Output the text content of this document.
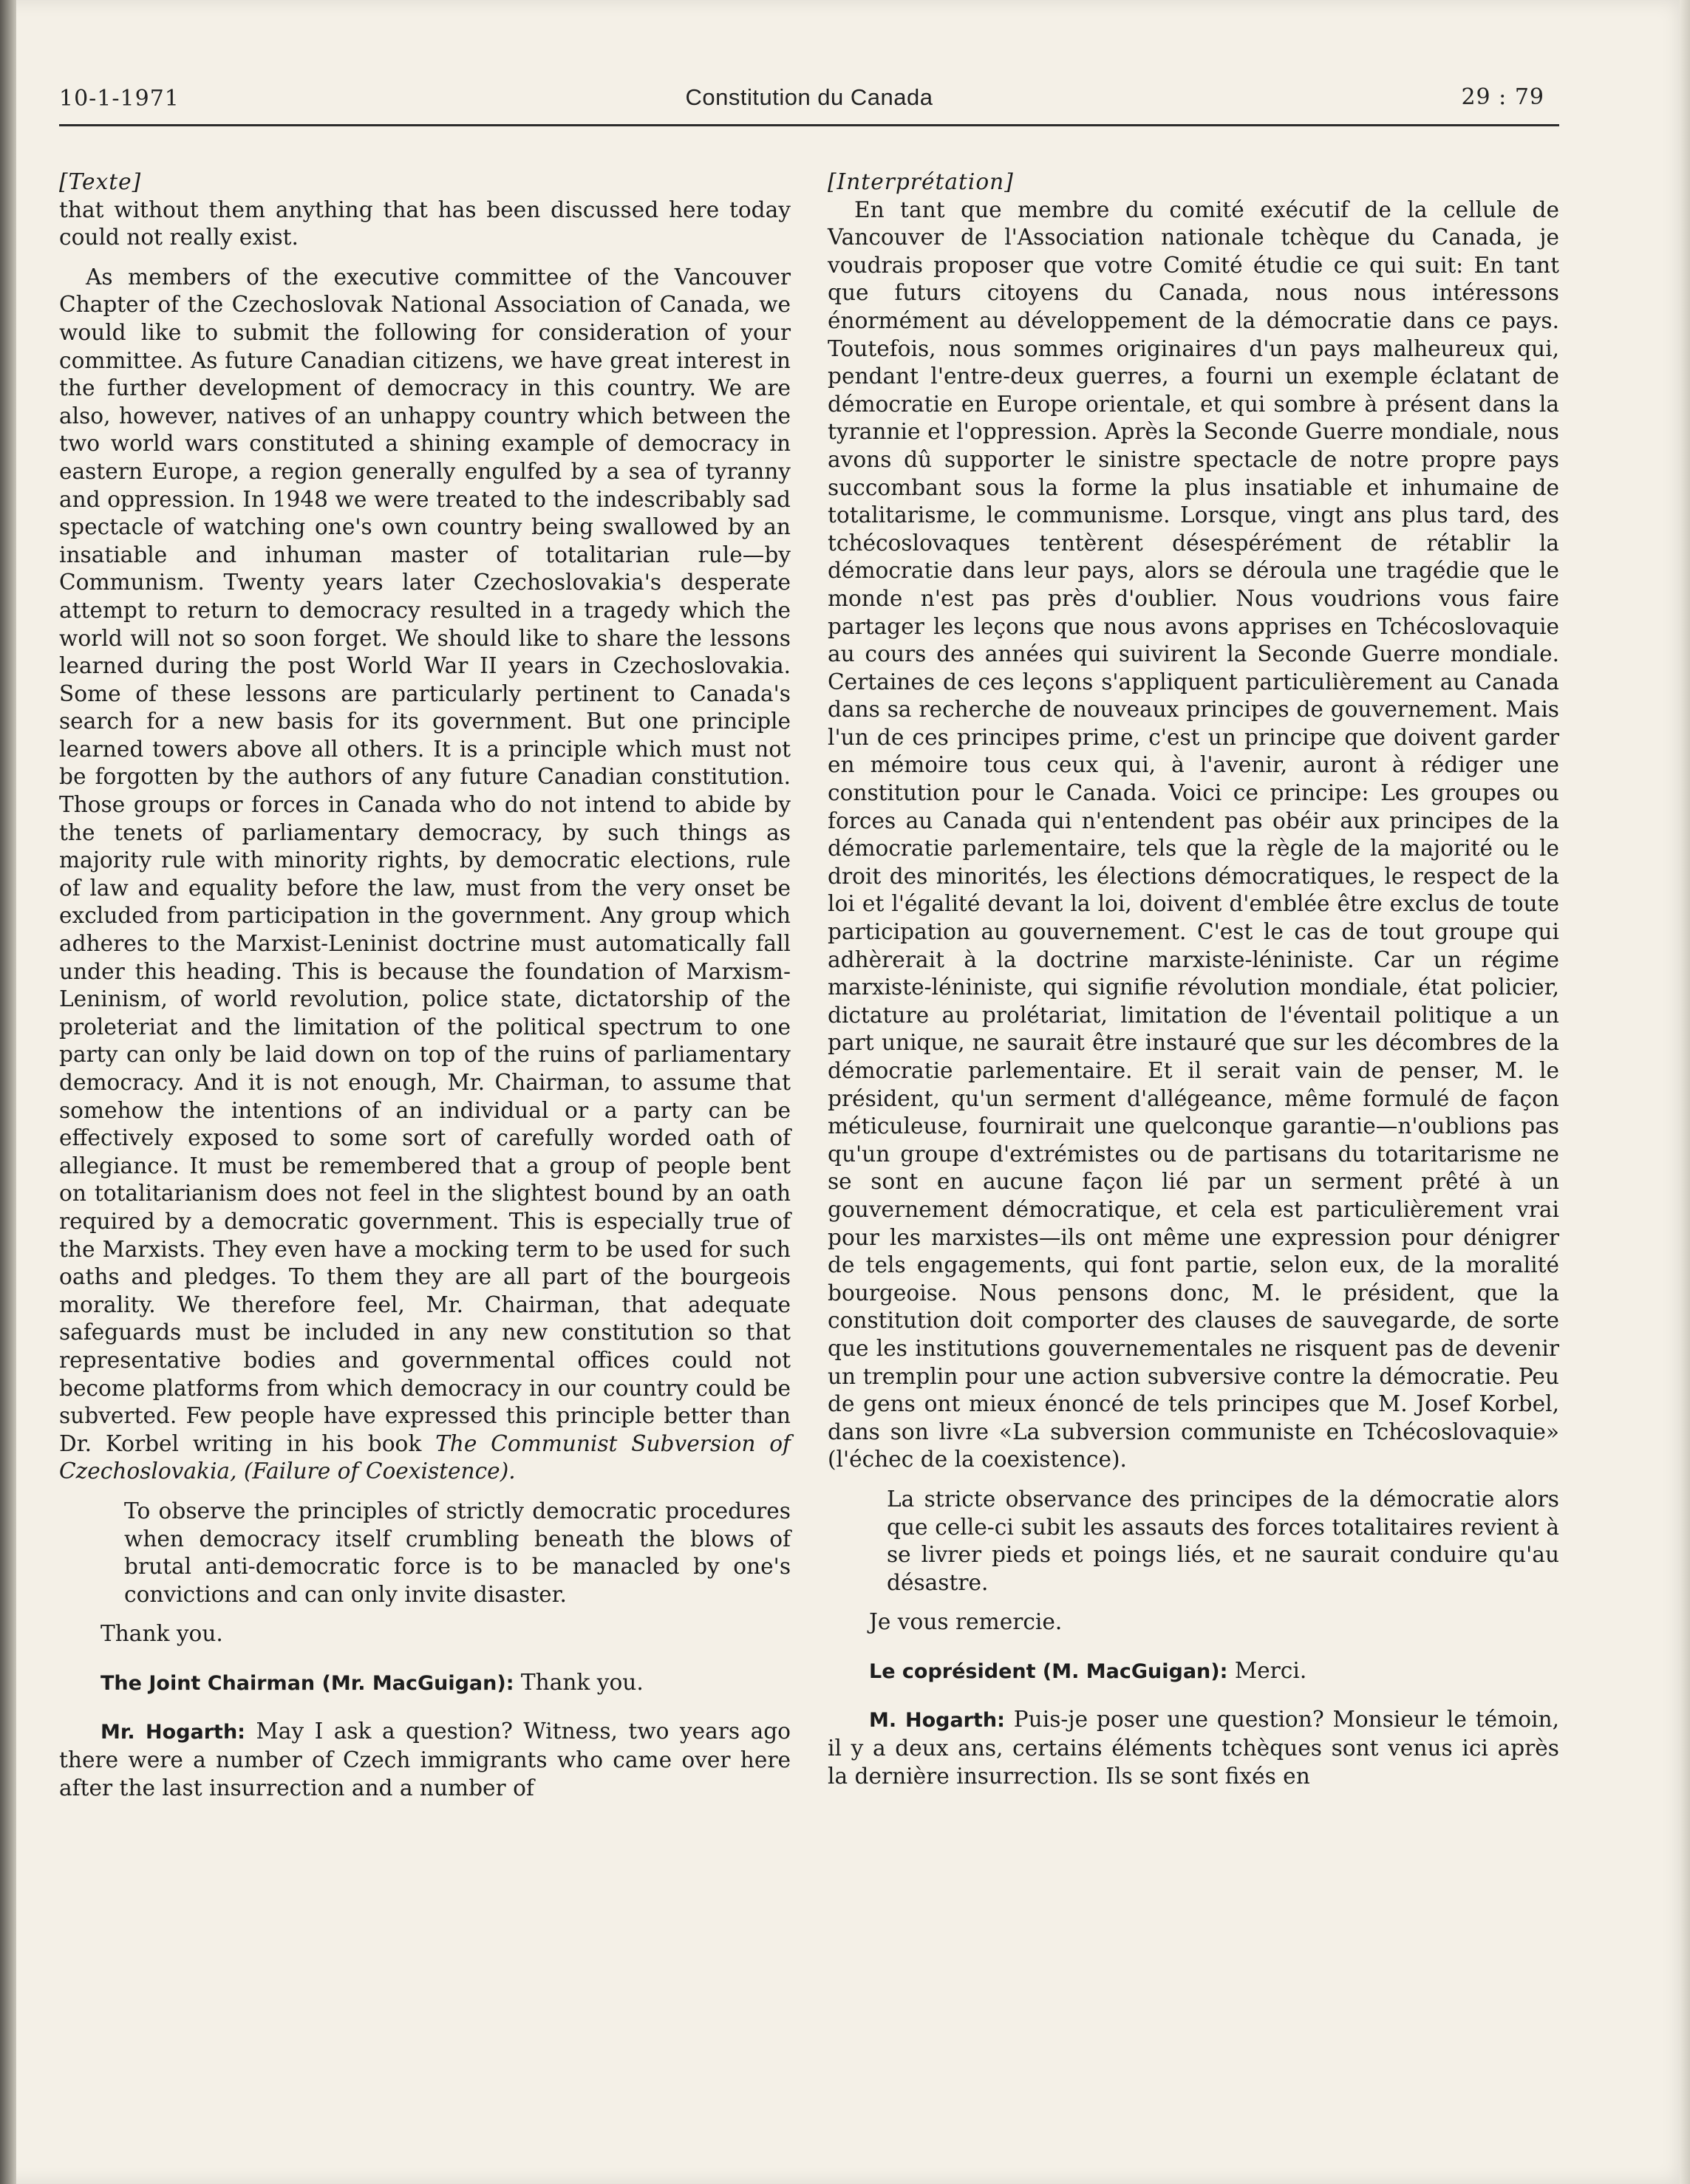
10-1-1971	Constitution du Canada	29 : 79

[Texte]

that without them anything that has been discussed here today could not really exist.

As members of the executive committee of the Vancouver Chapter of the Czechoslovak National Association of Canada, we would like to submit the following for consideration of your committee. As future Canadian citizens, we have great interest in the further development of democracy in this country. We are also, however, natives of an unhappy country which between the two world wars constituted a shining example of democracy in eastern Europe, a region generally engulfed by a sea of tyranny and oppression. In 1948 we were treated to the indescribably sad spectacle of watching one's own country being swallowed by an insatiable and inhuman master of totalitarian rule—by Communism. Twenty years later Czechoslovakia's desperate attempt to return to democracy resulted in a tragedy which the world will not so soon forget. We should like to share the lessons learned during the post World War II years in Czechoslovakia. Some of these lessons are particularly pertinent to Canada's search for a new basis for its government. But one principle learned towers above all others. It is a principle which must not be forgotten by the authors of any future Canadian constitution. Those groups or forces in Canada who do not intend to abide by the tenets of parliamentary democracy, by such things as majority rule with minority rights, by democratic elections, rule of law and equality before the law, must from the very onset be excluded from participation in the government. Any group which adheres to the Marxist-Leninist doctrine must automatically fall under this heading. This is because the foundation of Marxism-Leninism, of world revolution, police state, dictatorship of the proleteriat and the limitation of the political spectrum to one party can only be laid down on top of the ruins of parliamentary democracy. And it is not enough, Mr. Chairman, to assume that somehow the intentions of an individual or a party can be effectively exposed to some sort of carefully worded oath of allegiance. It must be remembered that a group of people bent on totalitarianism does not feel in the slightest bound by an oath required by a democratic government. This is especially true of the Marxists. They even have a mocking term to be used for such oaths and pledges. To them they are all part of the bourgeois morality. We therefore feel, Mr. Chairman, that adequate safeguards must be included in any new constitution so that representative bodies and governmental offices could not become platforms from which democracy in our country could be subverted. Few people have expressed this principle better than Dr. Korbel writing in his book The Communist Subversion of Czechoslovakia, (Failure of Coexistence).

To observe the principles of strictly democratic procedures when democracy itself crumbling beneath the blows of brutal anti-democratic force is to be manacled by one's convictions and can only invite disaster.

Thank you.

The Joint Chairman (Mr. MacGuigan): Thank you.

Mr. Hogarth: May I ask a question? Witness, two years ago there were a number of Czech immigrants who came over here after the last insurrection and a number of

[Interprétation]

En tant que membre du comité exécutif de la cellule de Vancouver de l'Association nationale tchèque du Canada, je voudrais proposer que votre Comité étudie ce qui suit: En tant que futurs citoyens du Canada, nous nous intéressons énormément au développement de la démocratie dans ce pays. Toutefois, nous sommes originaires d'un pays malheureux qui, pendant l'entre-deux guerres, a fourni un exemple éclatant de démocratie en Europe orientale, et qui sombre à présent dans la tyrannie et l'oppression. Après la Seconde Guerre mondiale, nous avons dû supporter le sinistre spectacle de notre propre pays succombant sous la forme la plus insatiable et inhumaine de totalitarisme, le communisme. Lorsque, vingt ans plus tard, des tchécoslovaques tentèrent désespérément de rétablir la démocratie dans leur pays, alors se déroula une tragédie que le monde n'est pas près d'oublier. Nous voudrions vous faire partager les leçons que nous avons apprises en Tchécoslovaquie au cours des années qui suivirent la Seconde Guerre mondiale. Certaines de ces leçons s'appliquent particulièrement au Canada dans sa recherche de nouveaux principes de gouvernement. Mais l'un de ces principes prime, c'est un principe que doivent garder en mémoire tous ceux qui, à l'avenir, auront à rédiger une constitution pour le Canada. Voici ce principe: Les groupes ou forces au Canada qui n'entendent pas obéir aux principes de la démocratie parlementaire, tels que la règle de la majorité ou le droit des minorités, les élections démocratiques, le respect de la loi et l'égalité devant la loi, doivent d'emblée être exclus de toute participation au gouvernement. C'est le cas de tout groupe qui adhèrerait à la doctrine marxiste-léniniste. Car un régime marxiste-léniniste, qui signifie révolution mondiale, état policier, dictature au prolétariat, limitation de l'éventail politique a un part unique, ne saurait être instauré que sur les décombres de la démocratie parlementaire. Et il serait vain de penser, M. le président, qu'un serment d'allégeance, même formulé de façon méticuleuse, fournirait une quelconque garantie—n'oublions pas qu'un groupe d'extrémistes ou de partisans du totaritarisme ne se sont en aucune façon lié par un serment prêté à un gouvernement démocratique, et cela est particulièrement vrai pour les marxistes—ils ont même une expression pour dénigrer de tels engagements, qui font partie, selon eux, de la moralité bourgeoise. Nous pensons donc, M. le président, que la constitution doit comporter des clauses de sauvegarde, de sorte que les institutions gouvernementales ne risquent pas de devenir un tremplin pour une action subversive contre la démocratie. Peu de gens ont mieux énoncé de tels principes que M. Josef Korbel, dans son livre «La subversion communiste en Tchécoslovaquie» (l'échec de la coexistence).

La stricte observance des principes de la démocratie alors que celle-ci subit les assauts des forces totalitaires revient à se livrer pieds et poings liés, et ne saurait conduire qu'au désastre.

Je vous remercie.

Le coprésident (M. MacGuigan): Merci.

M. Hogarth: Puis-je poser une question? Monsieur le témoin, il y a deux ans, certains éléments tchèques sont venus ici après la dernière insurrection. Ils se sont fixés en
